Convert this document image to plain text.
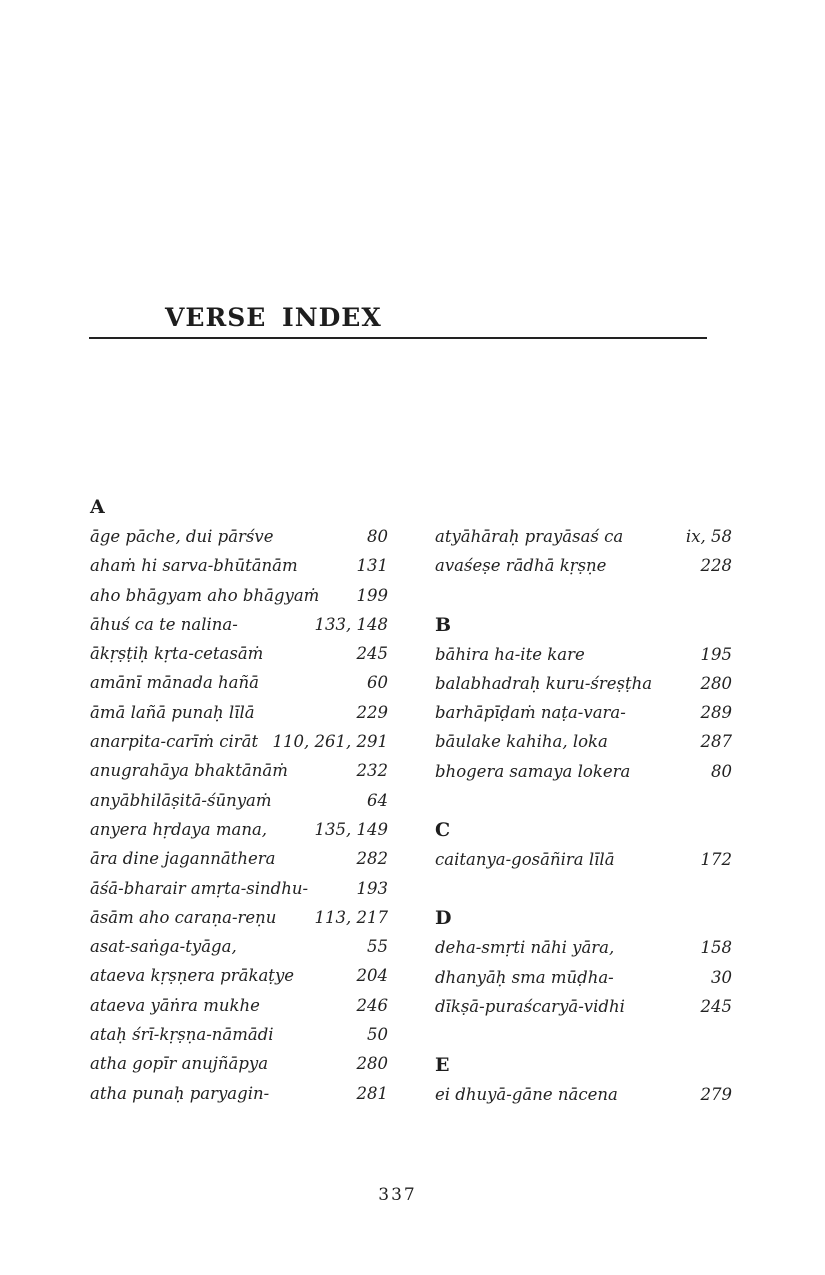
VERSE INDEX
A
āge pāche, dui pārśve	80
ahaṁ hi sarva-bhūtānām	131
aho bhāgyam aho bhāgyaṁ	199
āhuś ca te nalina-	133, 148
ākṛṣṭiḥ kṛta-cetasāṁ	245
amānī mānada hañā	60
āmā lañā punaḥ līlā	229
anarpita-carīṁ cirāt 110, 261, 291
anugrahāya bhaktānāṁ	232
anyābhilāṣitā-śūnyaṁ	64
anyera hṛdaya mana,	135, 149
āra dine jagannāthera	282
āśā-bharair amṛta-sindhu-	193
āsām aho caraṇa-reṇu	113, 217
asat-saṅga-tyāga,	55
ataeva kṛṣṇera prākaṭye	204
ataeva yāṅra mukhe	246
ataḥ śrī-kṛṣṇa-nāmādi	50
atha gopīr anujñāpya	280
atha punaḥ paryagin-	281
atyāhāraḥ prayāsaś ca	ix, 58
avaśeṣe rādhā kṛṣṇe	228
B
bāhira ha-ite kare	195
balabhadraḥ kuru-śreṣṭha	280
barhāpīḍaṁ naṭa-vara-	289
bāulake kahiha, loka	287
bhogera samaya lokera	80
C
caitanya-gosāñira līlā	172
D
deha-smṛti nāhi yāra,	158
dhanyāḥ sma mūḍha-	30
dīkṣā-puraścaryā-vidhi	245
E
ei dhuyā-gāne nācena	279
337
